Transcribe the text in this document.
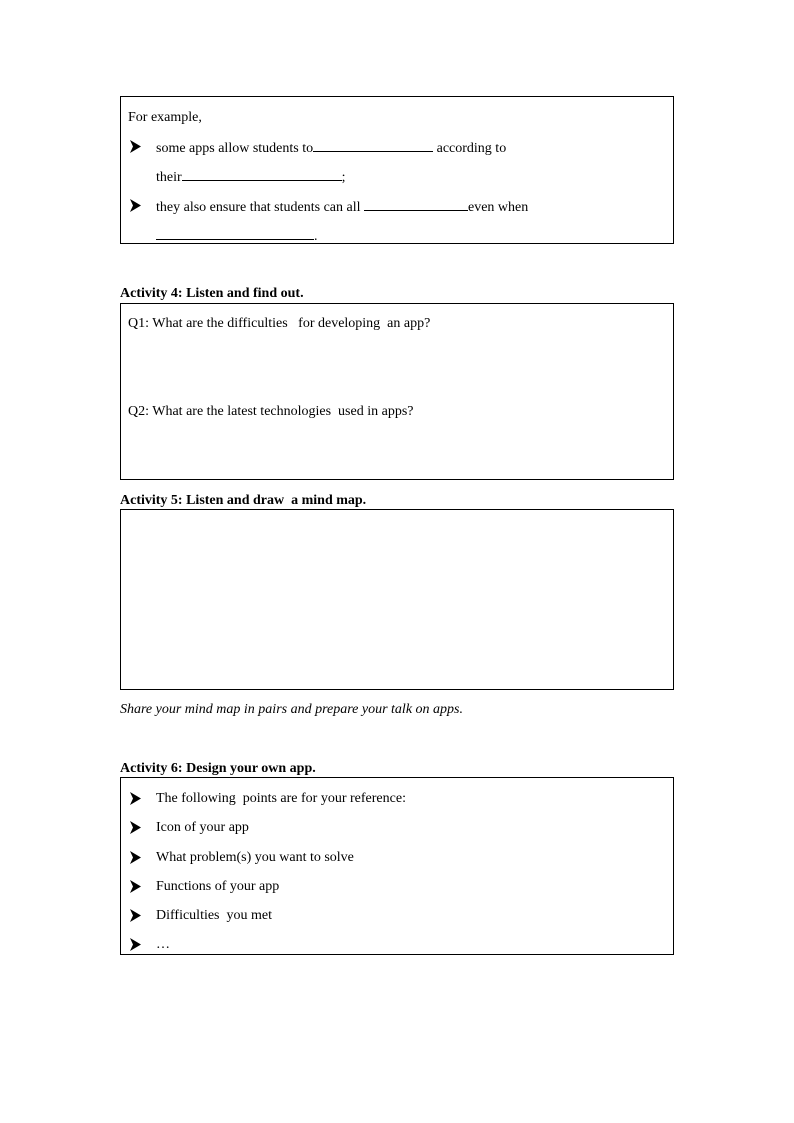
For example,
some apps allow students to	according to
their	;
they also ensure that students can all	even when
.
Activity 4: Listen and find out.
Q1: What are the difficulties   for developing  an app?
Q2: What are the latest technologies  used in apps?
Activity 5: Listen and draw  a mind map.
Share your mind map in pairs and prepare your talk on apps.
Activity 6: Design your own app.
The following  points are for your reference:
Icon of your app
What problem(s) you want to solve
Functions of your app
Difficulties  you met
…
